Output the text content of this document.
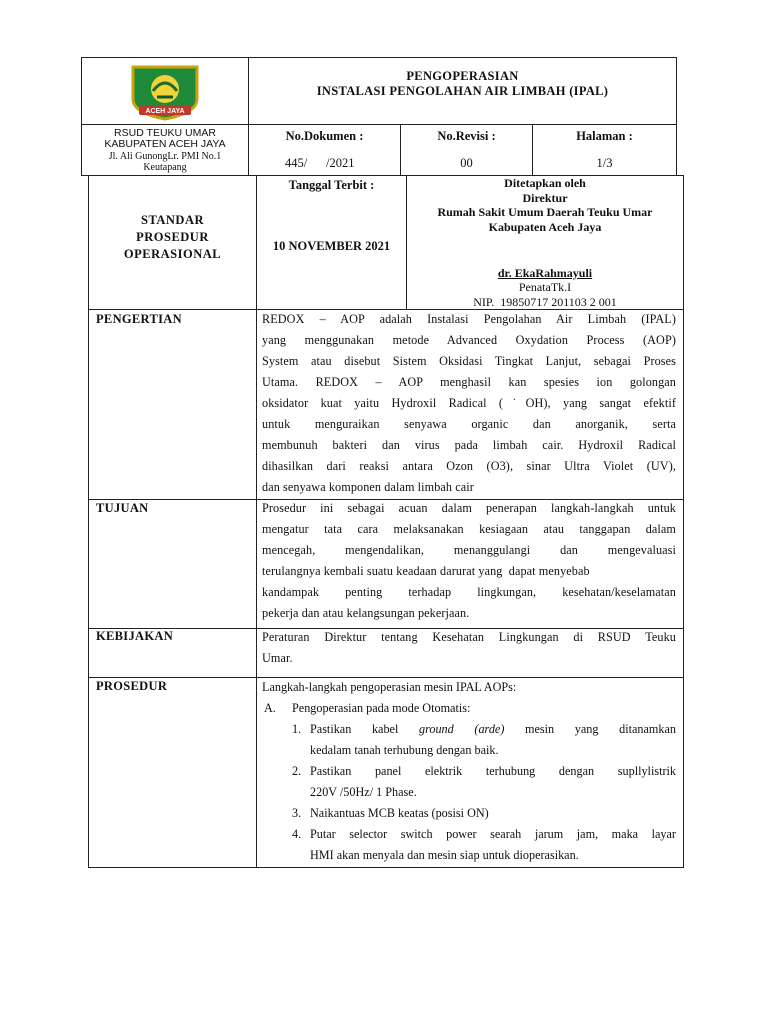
ACEH JAYA
PENGOPERASIAN
INSTALASI PENGOLAHAN AIR LIMBAH (IPAL)
RSUD TEUKU UMAR
KABUPATEN ACEH JAYA
Jl. Ali GunongLr. PMI No.1
Keutapang
No.Dokumen :
445/      /2021
No.Revisi :
00
Halaman :
1/3
STANDAR
PROSEDUR
OPERASIONAL
Tanggal Terbit :
10 NOVEMBER 2021
Ditetapkan oleh
Direktur
Rumah Sakit Umum Daerah Teuku Umar
Kabupaten Aceh Jaya
dr. EkaRahmayuli
PenataTk.I
NIP.  19850717 201103 2 001
PENGERTIAN	REDOX – AOP adalah Instalasi Pengolahan Air Limbah (IPAL)
yang menggunakan metode Advanced Oxydation Process (AOP)
System atau disebut Sistem Oksidasi Tingkat Lanjut, sebagai Proses
Utama. REDOX – AOP menghasil kan spesies ion golongan
oksidator kuat yaitu Hydroxil Radical (˙OH), yang sangat efektif
untuk menguraikan senyawa organic dan anorganik, serta
membunuh bakteri dan virus pada limbah cair. Hydroxil Radical
dihasilkan dari reaksi antara Ozon (O3), sinar Ultra Violet (UV),
dan senyawa komponen dalam limbah cair
TUJUAN	Prosedur ini sebagai acuan dalam penerapan langkah-langkah untuk
mengatur tata cara melaksanakan kesiagaan atau tanggapan dalam
mencegah, mengendalikan, menanggulangi dan mengevaluasi
terulangnya kembali suatu keadaan darurat yang  dapat menyebab
kandampak penting terhadap lingkungan, kesehatan/keselamatan
pekerja dan atau kelangsungan pekerjaan.
KEBIJAKAN	Peraturan Direktur tentang Kesehatan Lingkungan di RSUD Teuku
Umar.
PROSEDUR	Langkah-langkah pengoperasian mesin IPAL AOPs:
A. Pengoperasian pada mode Otomatis:
1. Pastikan kabel ground (arde) mesin yang ditanamkan
kedalam tanah terhubung dengan baik.
2. Pastikan panel elektrik terhubung dengan supllylistrik
220V /50Hz/ 1 Phase.
3. Naikantuas MCB keatas (posisi ON)
4. Putar selector switch power searah jarum jam, maka layar
HMI akan menyala dan mesin siap untuk dioperasikan.
